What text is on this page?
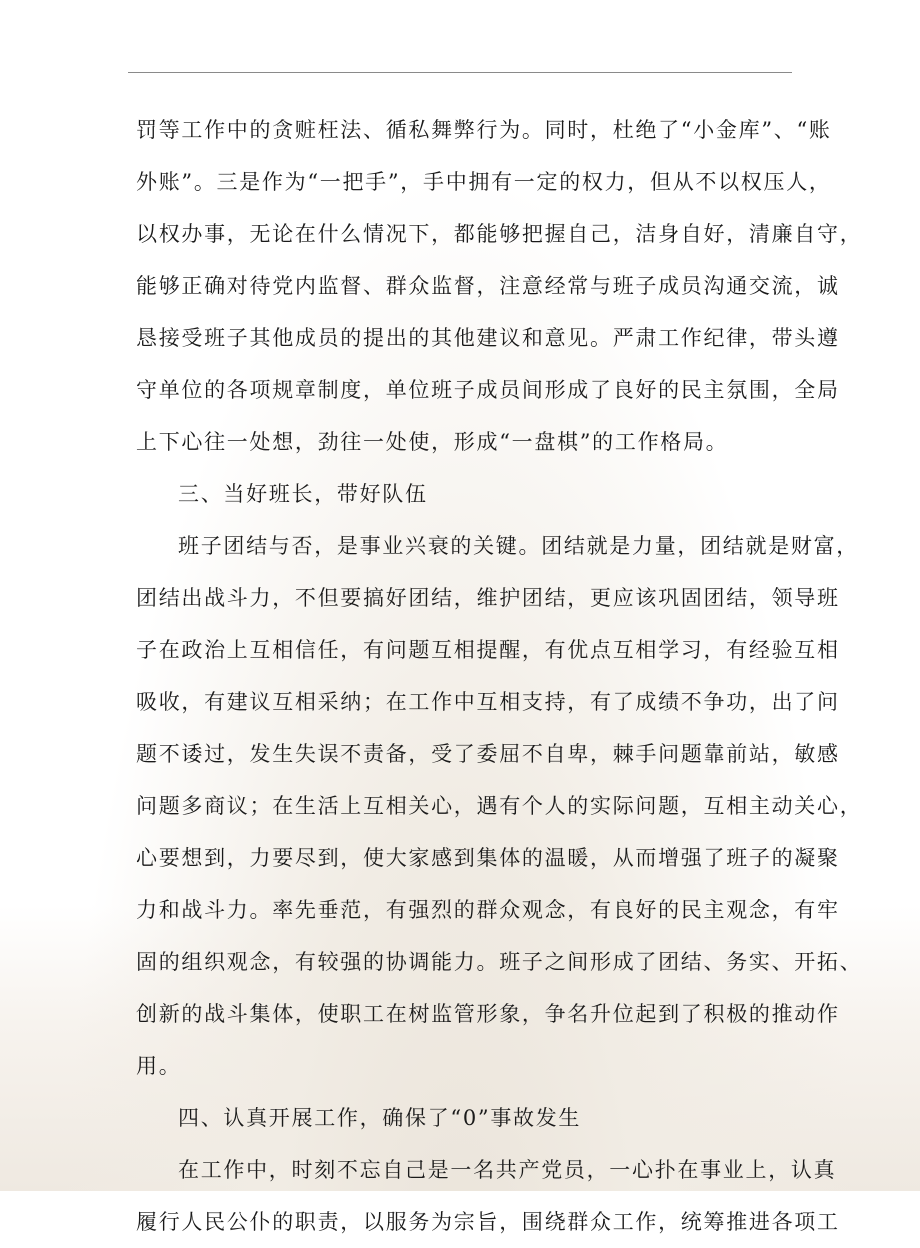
罚等工作中的贪赃枉法、循私舞弊行为。同时，杜绝了“小金库”、“账
外账”。三是作为“一把手”，手中拥有一定的权力，但从不以权压人，
以权办事，无论在什么情况下，都能够把握自己，洁身自好，清廉自守，
能够正确对待党内监督、群众监督，注意经常与班子成员沟通交流，诚
恳接受班子其他成员的提出的其他建议和意见。严肃工作纪律，带头遵
守单位的各项规章制度，单位班子成员间形成了良好的民主氛围，全局
上下心往一处想，劲往一处使，形成“一盘棋”的工作格局。
三、当好班长，带好队伍
班子团结与否，是事业兴衰的关键。团结就是力量，团结就是财富，
团结出战斗力，不但要搞好团结，维护团结，更应该巩固团结，领导班
子在政治上互相信任，有问题互相提醒，有优点互相学习，有经验互相
吸收，有建议互相采纳；在工作中互相支持，有了成绩不争功，出了问
题不诿过，发生失误不责备，受了委屈不自卑，棘手问题靠前站，敏感
问题多商议；在生活上互相关心，遇有个人的实际问题，互相主动关心，
心要想到，力要尽到，使大家感到集体的温暖，从而增强了班子的凝聚
力和战斗力。率先垂范，有强烈的群众观念，有良好的民主观念，有牢
固的组织观念，有较强的协调能力。班子之间形成了团结、务实、开拓、
创新的战斗集体，使职工在树监管形象，争名升位起到了积极的推动作
用。
四、认真开展工作，确保了“0”事故发生
在工作中，时刻不忘自己是一名共产党员，一心扑在事业上，认真
履行人民公仆的职责，以服务为宗旨，围绕群众工作，统筹推进各项工
